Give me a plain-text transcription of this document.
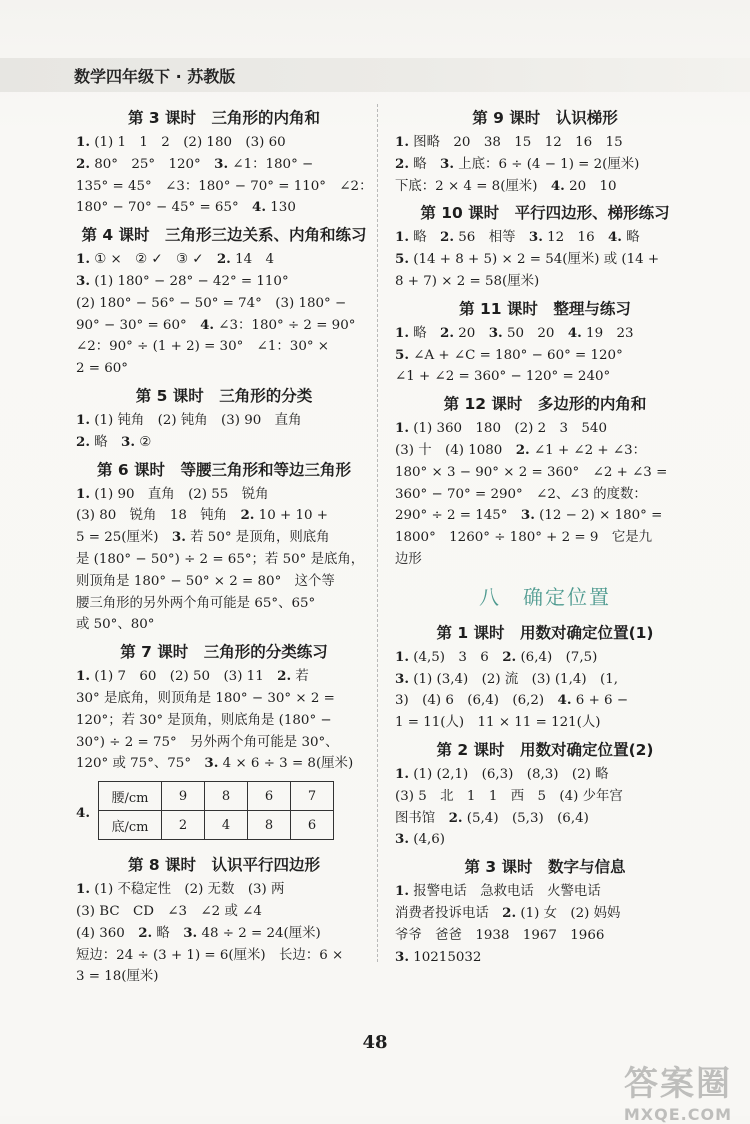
数学四年级下 · 苏教版
第 3 课时　三角形的内角和
1. (1) 1　1　2　(2) 180　(3) 60
2. 80°　25°　120°　3. ∠1：180° −
135° = 45°　∠3：180° − 70° = 110°　∠2：
180° − 70° − 45° = 65°　4. 130
第 4 课时　三角形三边关系、内角和练习
1. ① ×　② ✓　③ ✓　2. 14　4
3. (1) 180° − 28° − 42° = 110°
(2) 180° − 56° − 50° = 74°　(3) 180° −
90° − 30° = 60°　4. ∠3：180° ÷ 2 = 90°
∠2：90° ÷ (1 + 2) = 30°　∠1：30° ×
2 = 60°
第 5 课时　三角形的分类
1. (1) 钝角　(2) 钝角　(3) 90　直角
2. 略　3. ②
第 6 课时　等腰三角形和等边三角形
1. (1) 90　直角　(2) 55　锐角
(3) 80　锐角　18　钝角　2. 10 + 10 +
5 = 25(厘米)　3. 若 50° 是顶角，则底角
是 (180° − 50°) ÷ 2 = 65°；若 50° 是底角，
则顶角是 180° − 50° × 2 = 80°　这个等
腰三角形的另外两个角可能是 65°、65°
或 50°、80°
第 7 课时　三角形的分类练习
1. (1) 7　60　(2) 50　(3) 11　2. 若
30° 是底角，则顶角是 180° − 30° × 2 =
120°；若 30° 是顶角，则底角是 (180° −
30°) ÷ 2 = 75°　另外两个角可能是 30°、
120° 或 75°、75°　3. 4 × 6 ÷ 3 = 8(厘米)
4.
腰/cm	9	8	6	7
底/cm	2	4	8	6
第 8 课时　认识平行四边形
1. (1) 不稳定性　(2) 无数　(3) 两
(3) BC　CD　∠3　∠2 或 ∠4
(4) 360　2. 略　3. 48 ÷ 2 = 24(厘米)
短边：24 ÷ (3 + 1) = 6(厘米)　长边：6 ×
3 = 18(厘米)
第 9 课时　认识梯形
1. 图略　20　38　15　12　16　15
2. 略　3. 上底：6 ÷ (4 − 1) = 2(厘米)
下底：2 × 4 = 8(厘米)　4. 20　10
第 10 课时　平行四边形、梯形练习
1. 略　2. 56　相等　3. 12　16　4. 略
5. (14 + 8 + 5) × 2 = 54(厘米) 或 (14 +
8 + 7) × 2 = 58(厘米)
第 11 课时　整理与练习
1. 略　2. 20　3. 50　20　4. 19　23
5. ∠A + ∠C = 180° − 60° = 120°
∠1 + ∠2 = 360° − 120° = 240°
第 12 课时　多边形的内角和
1. (1) 360　180　(2) 2　3　540
(3) 十　(4) 1080　2. ∠1 + ∠2 + ∠3：
180° × 3 − 90° × 2 = 360°　∠2 + ∠3 =
360° − 70° = 290°　∠2、∠3 的度数：
290° ÷ 2 = 145°　3. (12 − 2) × 180° =
1800°　1260° ÷ 180° + 2 = 9　它是九
边形
八　确定位置
第 1 课时　用数对确定位置(1)
1. (4,5)　3　6　2. (6,4)　(7,5)
3. (1) (3,4)　(2) 流　(3) (1,4)　(1,
3)　(4) 6　(6,4)　(6,2)　4. 6 + 6 −
1 = 11(人)　11 × 11 = 121(人)
第 2 课时　用数对确定位置(2)
1. (1) (2,1)　(6,3)　(8,3)　(2) 略
(3) 5　北　1　1　西　5　(4) 少年宫
图书馆　2. (5,4)　(5,3)　(6,4)
3. (4,6)
第 3 课时　数字与信息
1. 报警电话　急救电话　火警电话
消费者投诉电话　2. (1) 女　(2) 妈妈
爷爷　爸爸　1938　1967　1966
3. 10215032
48
答案圈
MXQE.COM
